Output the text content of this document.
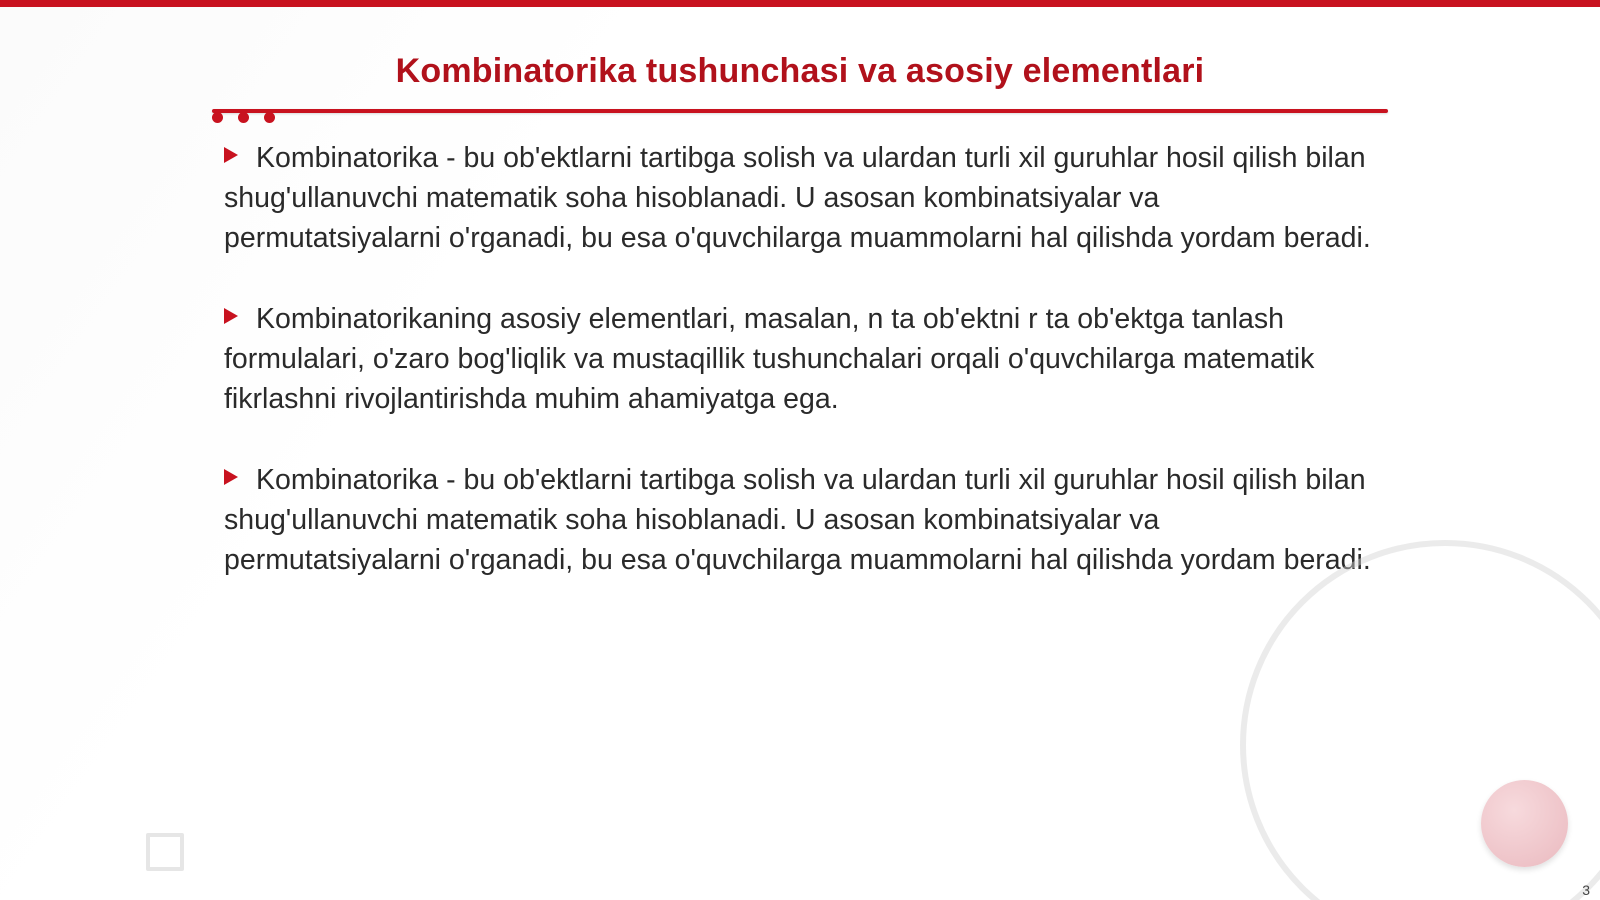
Kombinatorika tushunchasi va asosiy elementlari
Kombinatorika - bu ob'ektlarni tartibga solish va ulardan turli xil guruhlar hosil qilish bilan shug'ullanuvchi matematik soha hisoblanadi. U asosan kombinatsiyalar va permutatsiyalarni o'rganadi, bu esa o'quvchilarga muammolarni hal qilishda yordam beradi.
Kombinatorikaning asosiy elementlari, masalan, n ta ob'ektni r ta ob'ektga tanlash formulalari, o'zaro bog'liqlik va mustaqillik tushunchalari orqali o'quvchilarga matematik fikrlashni rivojlantirishda muhim ahamiyatga ega.
Kombinatorika - bu ob'ektlarni tartibga solish va ulardan turli xil guruhlar hosil qilish bilan shug'ullanuvchi matematik soha hisoblanadi. U asosan kombinatsiyalar va permutatsiyalarni o'rganadi, bu esa o'quvchilarga muammolarni hal qilishda yordam beradi.
3
